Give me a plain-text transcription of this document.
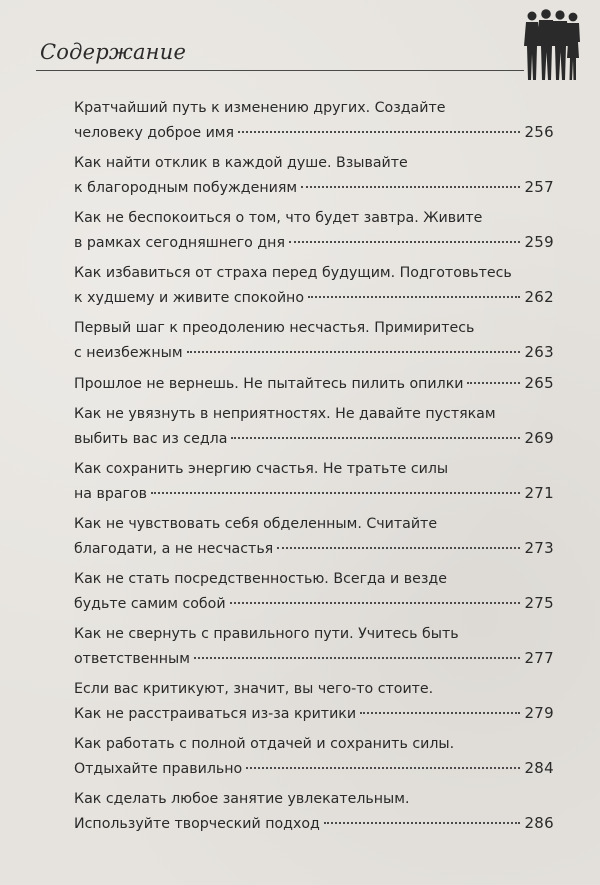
Содержание
Кратчайший путь к изменению других. Создайте
человеку доброе имя	256
Как найти отклик в каждой душе. Взывайте
к благородным побуждениям	257
Как не беспокоиться о том, что будет завтра. Живите
в рамках сегодняшнего дня	259
Как избавиться от страха перед будущим. Подготовьтесь
к худшему и живите спокойно	262
Первый шаг к преодолению несчастья. Примиритесь
с неизбежным	263
Прошлое не вернешь. Не пытайтесь пилить опилки	265
Как не увязнуть в неприятностях. Не давайте пустякам
выбить вас из седла	269
Как сохранить энергию счастья. Не тратьте силы
на врагов	271
Как не чувствовать себя обделенным. Считайте
благодати, а не несчастья	273
Как не стать посредственностью. Всегда и везде
будьте самим собой	275
Как не свернуть с правильного пути. Учитесь быть
ответственным	277
Если вас критикуют, значит, вы чего-то стоите.
Как не расстраиваться из-за критики	279
Как работать с полной отдачей и сохранить силы.
Отдыхайте правильно	284
Как сделать любое занятие увлекательным.
Используйте творческий подход	286
